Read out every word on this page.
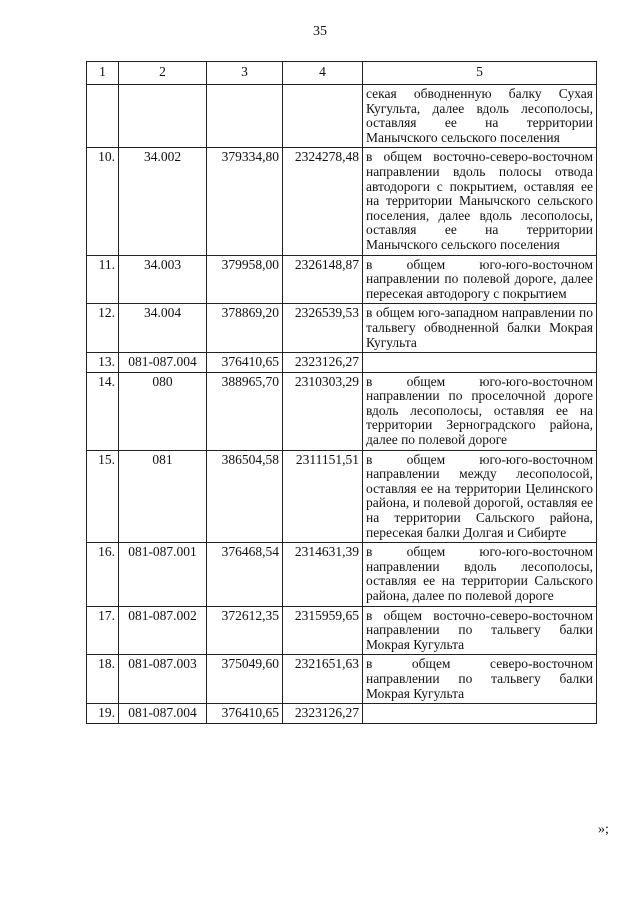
35
1	2	3	4	5
				секая обводненную балку Сухая Кугульта, далее вдоль лесополосы, оставляя ее на территории Манычского сельского поселения
10.	34.002	379334,80	2324278,48	в общем восточно-северо-восточном направлении вдоль полосы отвода автодороги с покрытием, оставляя ее на территории Манычского сельского поселения, далее вдоль лесополосы, оставляя ее на территории Манычского сельского поселения
11.	34.003	379958,00	2326148,87	в общем юго-юго-восточном направлении по полевой дороге, далее пересекая автодорогу с покрытием
12.	34.004	378869,20	2326539,53	в общем юго-западном направлении по тальвегу обводненной балки Мокрая Кугульта
13.	081-087.004	376410,65	2323126,27	
14.	080	388965,70	2310303,29	в общем юго-юго-восточном направлении по проселочной дороге вдоль лесополосы, оставляя ее на территории Зерноградского района, далее по полевой дороге
15.	081	386504,58	2311151,51	в общем юго-юго-восточном направлении между лесополосой, оставляя ее на территории Целинского района, и полевой дорогой, оставляя ее на территории Сальского района, пересекая балки Долгая и Сибирте
16.	081-087.001	376468,54	2314631,39	в общем юго-юго-восточном направлении вдоль лесополосы, оставляя ее на территории Сальского района, далее по полевой дороге
17.	081-087.002	372612,35	2315959,65	в общем восточно-северо-восточном направлении по тальвегу балки Мокрая Кугульта
18.	081-087.003	375049,60	2321651,63	в общем северо-восточном направлении по тальвегу балки Мокрая Кугульта
19.	081-087.004	376410,65	2323126,27	
»;
